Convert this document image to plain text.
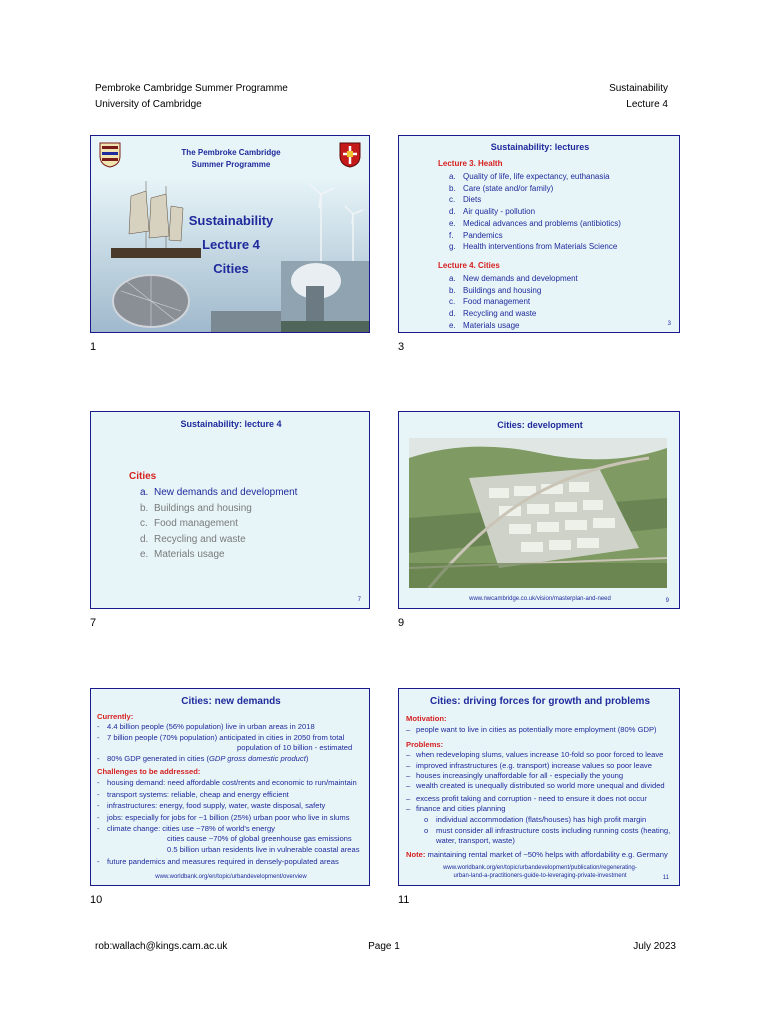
Pembroke Cambridge Summer Programme
University of Cambridge
Sustainability
Lecture 4
The Pembroke Cambridge
Summer Programme
Sustainability
Lecture 4
Cities
1
Sustainability: lectures
Lecture 3. Health
a. Quality of life, life expectancy, euthanasia
b. Care (state and/or family)
c. Diets
d. Air quality - pollution
e. Medical advances and problems (antibiotics)
f. Pandemics
g. Health interventions from Materials Science
Lecture 4. Cities
a. New demands and development
b. Buildings and housing
c. Food management
d. Recycling and waste
e. Materials usage	3
3
Sustainability: lecture 4
Cities
a. New demands and development
b. Buildings and housing
c. Food management
d. Recycling and waste
e. Materials usage
7
7
Cities: development
www.nwcambridge.co.uk/vision/masterplan-and-need	9
9
Cities: new demands
Currently:
- 4.4 billion people (56% population) live in urban areas in 2018
- 7 billion people (70% population) anticipated in cities in 2050 from total
population of 10 billion - estimated
- 80% GDP generated in cities (GDP gross domestic product)
Challenges to be addressed:
- housing demand: need affordable cost/rents and economic to run/maintain
- transport systems: reliable, cheap and energy efficient
- infrastructures: energy, food supply, water, waste disposal, safety
- jobs: especially for jobs for ~1 billion (25%) urban poor who live in slums
- climate change: cities use ~78% of world's energy
cities cause ~70% of global greenhouse gas emissions
0.5 billion urban residents live in vulnerable coastal areas
- future pandemics and measures required in densely-populated areas
www.worldbank.org/en/topic/urbandevelopment/overview
10
Cities: driving forces for growth and problems
Motivation:
– people want to live in cities as potentially more employment (80% GDP)
Problems:
– when redeveloping slums, values increase 10-fold so poor forced to leave
– improved infrastructures (e.g. transport) increase values so poor leave
– houses increasingly unaffordable for all - especially the young
– wealth created is unequally distributed so world more unequal and divided
– excess profit taking and corruption - need to ensure it does not occur
– finance and cities planning
o individual accommodation (flats/houses) has high profit margin
o must consider all infrastructure costs including running costs (heating, water, transport, waste)
Note: maintaining rental market of ~50% helps with affordability e.g. Germany
www.worldbank.org/en/topic/urbandevelopment/publication/regenerating-
urban-land-a-practitioners-guide-to-leveraging-private-investment	11
11
rob:wallach@kings.cam.ac.uk	Page 1	July 2023
